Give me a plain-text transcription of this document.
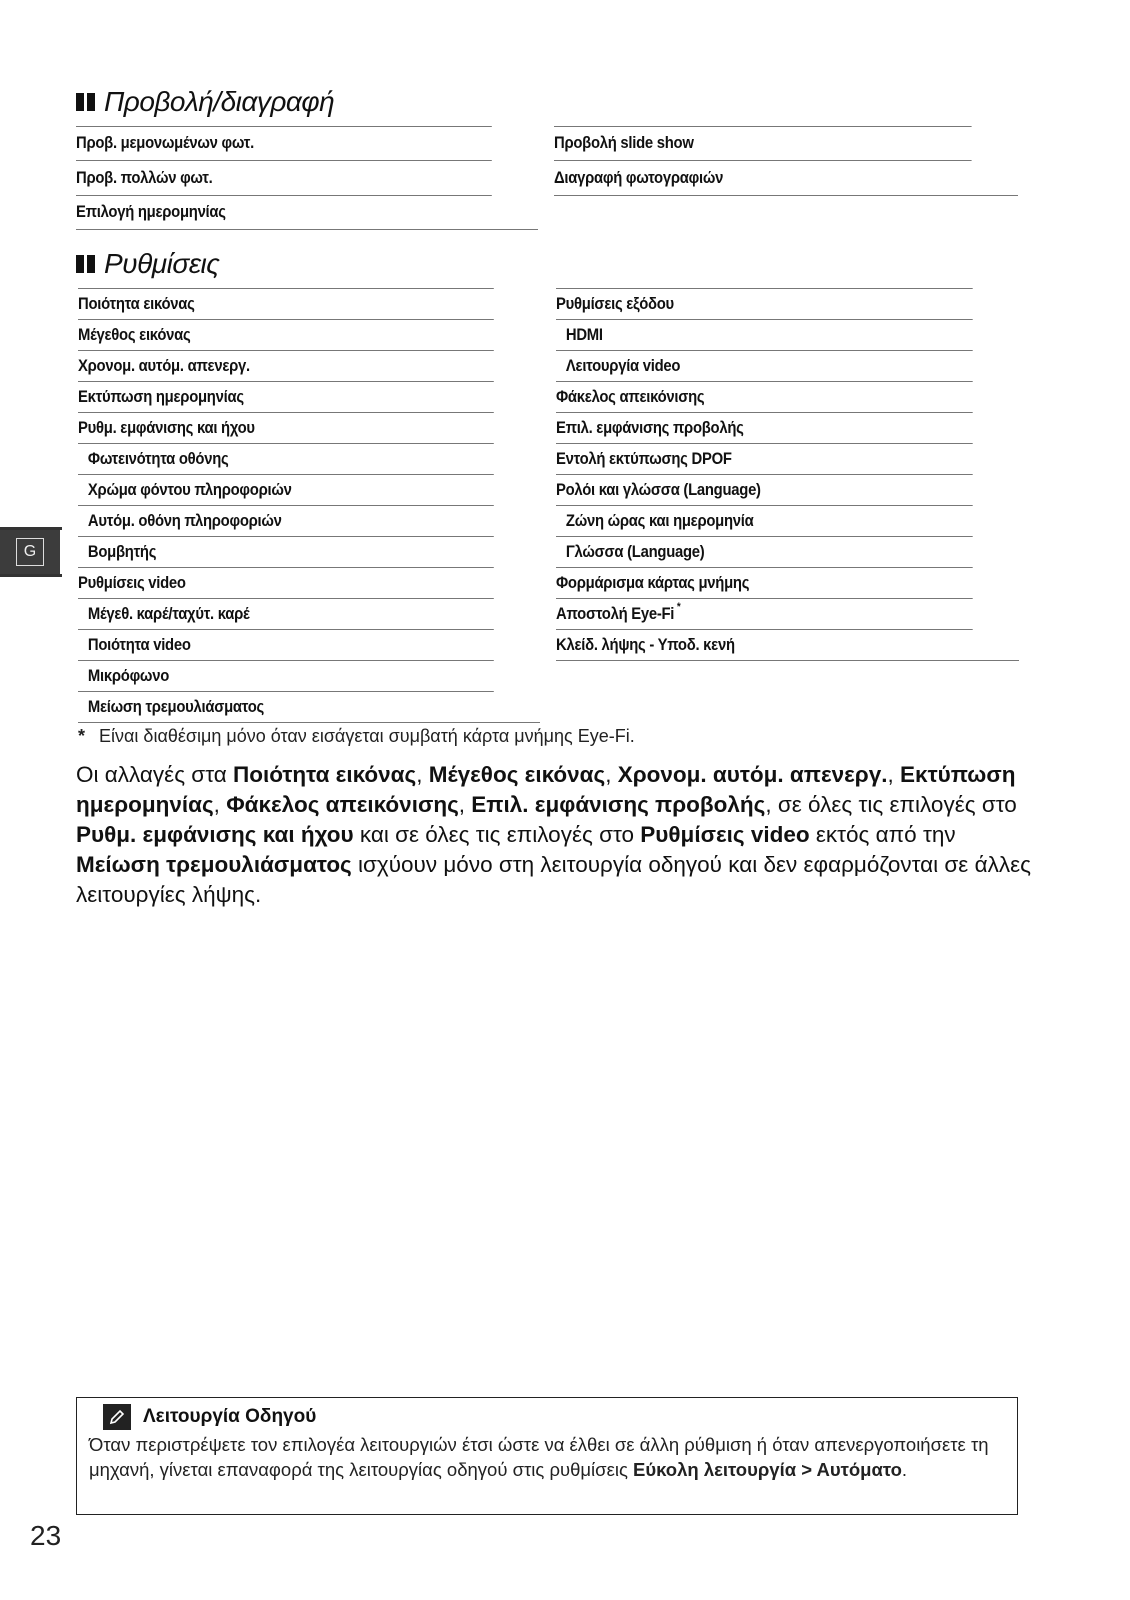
Προβολή/διαγραφή
Προβ. μεμονωμένων φωτ.
Προβ. πολλών φωτ.
Επιλογή ημερομηνίας
Προβολή slide show
Διαγραφή φωτογραφιών
Ρυθμίσεις
Ποιότητα εικόνας
Μέγεθος εικόνας
Χρονομ. αυτόμ. απενεργ.
Εκτύπωση ημερομηνίας
Ρυθμ. εμφάνισης και ήχου
Φωτεινότητα οθόνης
Χρώμα φόντου πληροφοριών
Αυτόμ. οθόνη πληροφοριών
Βομβητής
Ρυθμίσεις video
Μέγεθ. καρέ/ταχύτ. καρέ
Ποιότητα video
Μικρόφωνο
Μείωση τρεμουλιάσματος
Ρυθμίσεις εξόδου
HDMI
Λειτουργία video
Φάκελος απεικόνισης
Επιλ. εμφάνισης προβολής
Εντολή εκτύπωσης DPOF
Ρολόι και γλώσσα (Language)
Ζώνη ώρας και ημερομηνία
Γλώσσα (Language)
Φορμάρισμα κάρτας μνήμης
Αποστολή Eye-Fi *
Κλείδ. λήψης - Υποδ. κενή
* Είναι διαθέσιμη μόνο όταν εισάγεται συμβατή κάρτα μνήμης Eye-Fi.
Οι αλλαγές στα Ποιότητα εικόνας, Μέγεθος εικόνας, Χρονομ. αυτόμ. απενεργ., Εκτύπωση ημερομηνίας, Φάκελος απεικόνισης, Επιλ. εμφάνισης προβολής, σε όλες τις επιλογές στο Ρυθμ. εμφάνισης και ήχου και σε όλες τις επιλογές στο Ρυθμίσεις video εκτός από την Μείωση τρεμουλιάσματος ισχύουν μόνο στη λειτουργία οδηγού και δεν εφαρμόζονται σε άλλες λειτουργίες λήψης.
G
Λειτουργία Οδηγού
Όταν περιστρέψετε τον επιλογέα λειτουργιών έτσι ώστε να έλθει σε άλλη ρύθμιση ή όταν απενεργοποιήσετε τη μηχανή, γίνεται επαναφορά της λειτουργίας οδηγού στις ρυθμίσεις Εύκολη λειτουργία > Αυτόματο.
23
